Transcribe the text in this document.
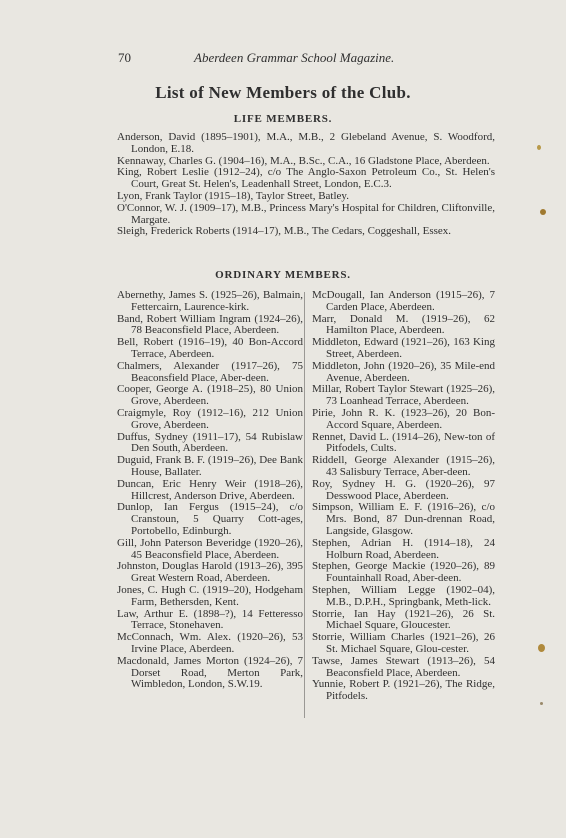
70	Aberdeen Grammar School Magazine.
List of New Members of the Club.
LIFE MEMBERS.

Anderson, David (1895–1901), M.A., M.B., 2 Glebeland Avenue, S. Woodford, London, E.18.

Kennaway, Charles G. (1904–16), M.A., B.Sc., C.A., 16 Gladstone Place, Aberdeen.

King, Robert Leslie (1912–24), c/o The Anglo-Saxon Petroleum Co., St. Helen's Court, Great St. Helen's, Leadenhall Street, London, E.C.3.

Lyon, Frank Taylor (1915–18), Taylor Street, Batley.

O'Connor, W. J. (1909–17), M.B., Princess Mary's Hospital for Children, Cliftonville, Margate.

Sleigh, Frederick Roberts (1914–17), M.B., The Cedars, Coggeshall, Essex.

ORDINARY MEMBERS.

Abernethy, James S. (1925–26), Balmain, Fettercairn, Laurence-kirk.

Band, Robert William Ingram (1924–26), 78 Beaconsfield Place, Aberdeen.

Bell, Robert (1916–19), 40 Bon-Accord Terrace, Aberdeen.

Chalmers, Alexander (1917–26), 75 Beaconsfield Place, Aber-deen.

Cooper, George A. (1918–25), 80 Union Grove, Aberdeen.

Craigmyle, Roy (1912–16), 212 Union Grove, Aberdeen.

Duffus, Sydney (1911–17), 54 Rubislaw Den South, Aberdeen.

Duguid, Frank B. F. (1919–26), Dee Bank House, Ballater.

Duncan, Eric Henry Weir (1918–26), Hillcrest, Anderson Drive, Aberdeen.

Dunlop, Ian Fergus (1915–24), c/o Cranstoun, 5 Quarry Cott-ages, Portobello, Edinburgh.

Gill, John Paterson Beveridge (1920–26), 45 Beaconsfield Place, Aberdeen.

Johnston, Douglas Harold (1913–26), 395 Great Western Road, Aberdeen.

Jones, C. Hugh C. (1919–20), Hodgeham Farm, Bethersden, Kent.

Law, Arthur E. (1898–?), 14 Fetteresso Terrace, Stonehaven.

McConnach, Wm. Alex. (1920–26), 53 Irvine Place, Aberdeen.

Macdonald, James Morton (1924–26), 7 Dorset Road, Merton Park, Wimbledon, London, S.W.19.

McDougall, Ian Anderson (1915–26), 7 Carden Place, Aberdeen.

Marr, Donald M. (1919–26), 62 Hamilton Place, Aberdeen.

Middleton, Edward (1921–26), 163 King Street, Aberdeen.

Middleton, John (1920–26), 35 Mile-end Avenue, Aberdeen.

Millar, Robert Taylor Stewart (1925–26), 73 Loanhead Terrace, Aberdeen.

Pirie, John R. K. (1923–26), 20 Bon-Accord Square, Aberdeen.

Rennet, David L. (1914–26), New-ton of Pitfodels, Cults.

Riddell, George Alexander (1915–26), 43 Salisbury Terrace, Aber-deen.

Roy, Sydney H. G. (1920–26), 97 Desswood Place, Aberdeen.

Simpson, William E. F. (1916–26), c/o Mrs. Bond, 87 Dun-drennan Road, Langside, Glasgow.

Stephen, Adrian H. (1914–18), 24 Holburn Road, Aberdeen.

Stephen, George Mackie (1920–26), 89 Fountainhall Road, Aber-deen.

Stephen, William Legge (1902–04), M.B., D.P.H., Springbank, Meth-lick.

Storrie, Ian Hay (1921–26), 26 St. Michael Square, Gloucester.

Storrie, William Charles (1921–26), 26 St. Michael Square, Glou-cester.

Tawse, James Stewart (1913–26), 54 Beaconsfield Place, Aberdeen.

Yunnie, Robert P. (1921–26), The Ridge, Pitfodels.
